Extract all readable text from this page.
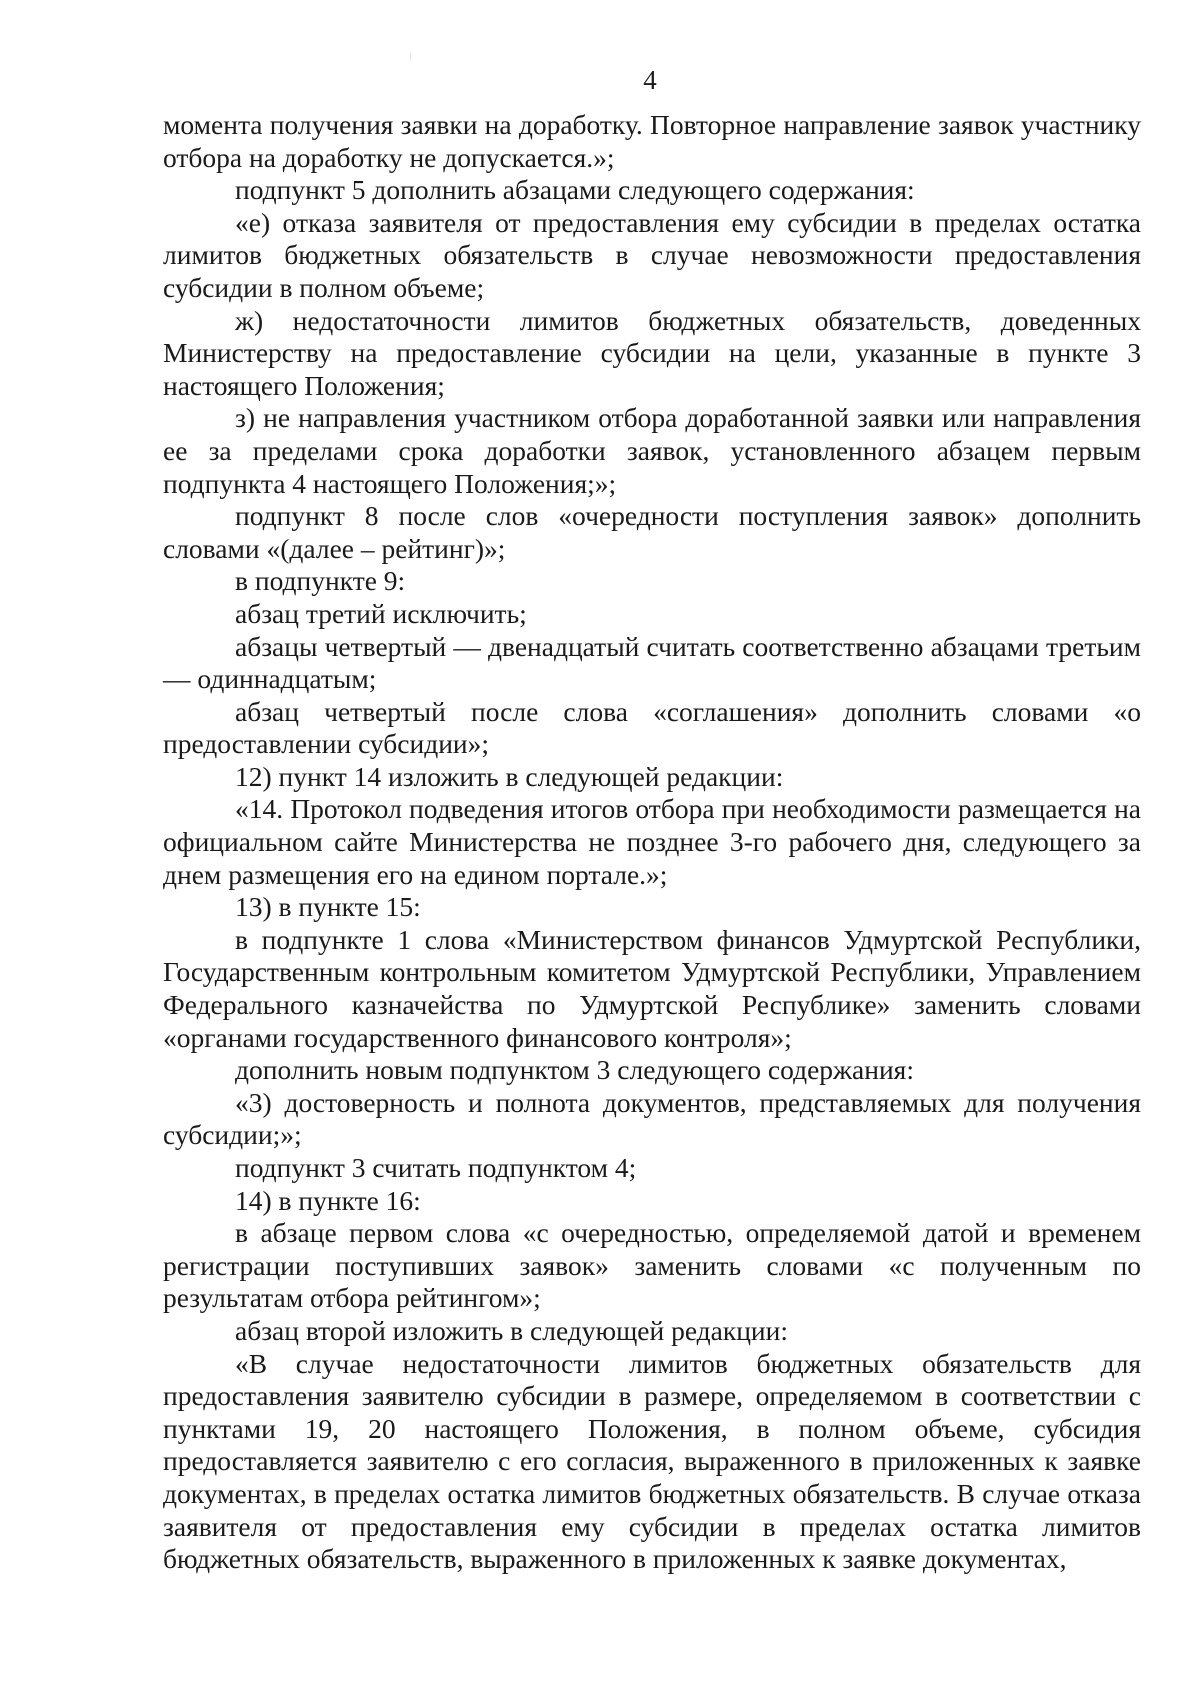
4

момента получения заявки на доработку. Повторное направление заявок участнику отбора на доработку не допускается.»;

подпункт 5 дополнить абзацами следующего содержания:

«е) отказа заявителя от предоставления ему субсидии в пределах остатка лимитов бюджетных обязательств в случае невозможности предоставления субсидии в полном объеме;

ж) недостаточности лимитов бюджетных обязательств, доведенных Министерству на предоставление субсидии на цели, указанные в пункте 3 настоящего Положения;

з) не направления участником отбора доработанной заявки или направления ее за пределами срока доработки заявок, установленного абзацем первым подпункта 4 настоящего Положения;»;

подпункт 8 после слов «очередности поступления заявок» дополнить словами «(далее – рейтинг)»;

в подпункте 9:

абзац третий исключить;

абзацы четвертый — двенадцатый считать соответственно абзацами третьим — одиннадцатым;

абзац четвертый после слова «соглашения» дополнить словами «о предоставлении субсидии»;

12) пункт 14 изложить в следующей редакции:

«14. Протокол подведения итогов отбора при необходимости размещается на официальном сайте Министерства не позднее 3-го рабочего дня, следующего за днем размещения его на едином портале.»;

13) в пункте 15:

в подпункте 1 слова «Министерством финансов Удмуртской Республики, Государственным контрольным комитетом Удмуртской Республики, Управлением Федерального казначейства по Удмуртской Республике» заменить словами «органами государственного финансового контроля»;

дополнить новым подпунктом 3 следующего содержания:

«3) достоверность и полнота документов, представляемых для получения субсидии;»;

подпункт 3 считать подпунктом 4;

14) в пункте 16:

в абзаце первом слова «с очередностью, определяемой датой и временем регистрации поступивших заявок» заменить словами «с полученным по результатам отбора рейтингом»;

абзац второй изложить в следующей редакции:

«В случае недостаточности лимитов бюджетных обязательств для предоставления заявителю субсидии в размере, определяемом в соответствии с пунктами 19, 20 настоящего Положения, в полном объеме, субсидия предоставляется заявителю с его согласия, выраженного в приложенных к заявке документах, в пределах остатка лимитов бюджетных обязательств. В случае отказа заявителя от предоставления ему субсидии в пределах остатка лимитов бюджетных обязательств, выраженного в приложенных к заявке документах,
